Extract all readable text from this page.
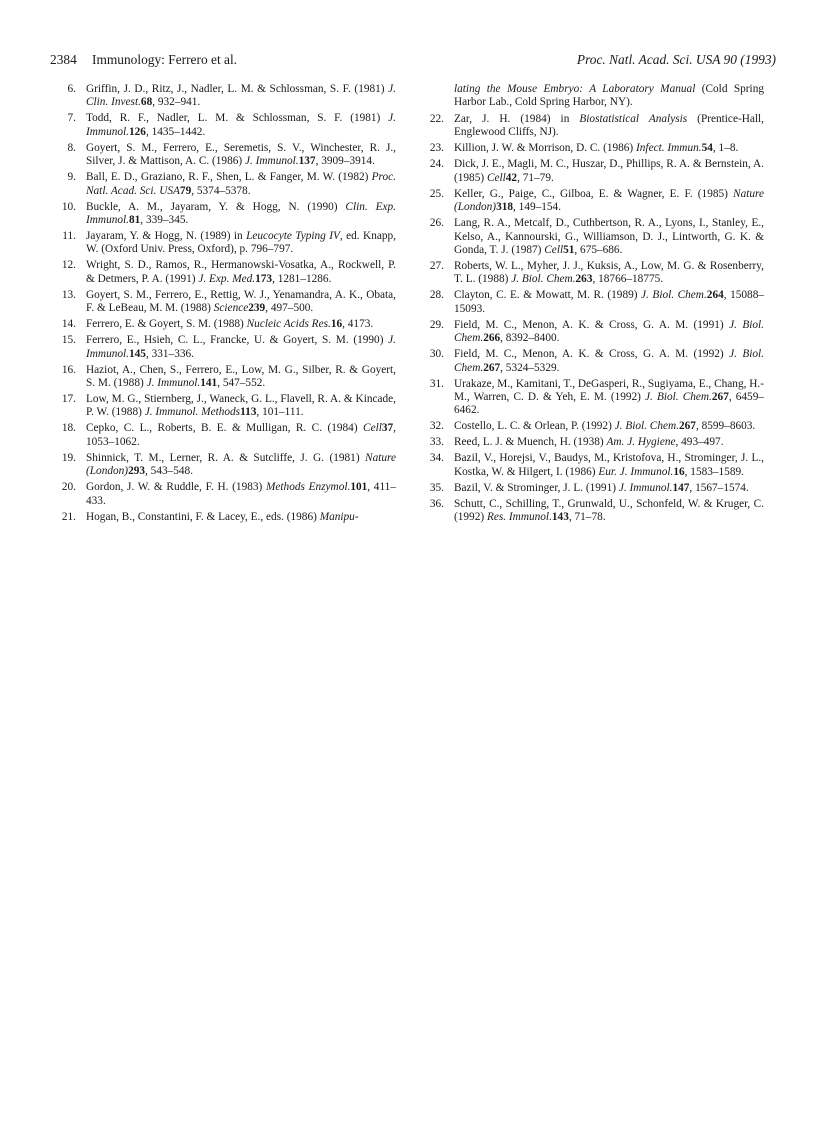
2384 Immunology: Ferrero et al.	Proc. Natl. Acad. Sci. USA 90 (1993)

6. Griffin, J. D., Ritz, J., Nadler, L. M. & Schlossman, S. F. (1981) J. Clin. Invest.68, 932–941.

7. Todd, R. F., Nadler, L. M. & Schlossman, S. F. (1981) J. Immunol.126, 1435–1442.

8. Goyert, S. M., Ferrero, E., Seremetis, S. V., Winchester, R. J., Silver, J. & Mattison, A. C. (1986) J. Immunol.137, 3909–3914.

9. Ball, E. D., Graziano, R. F., Shen, L. & Fanger, M. W. (1982) Proc. Natl. Acad. Sci. USA79, 5374–5378.

10. Buckle, A. M., Jayaram, Y. & Hogg, N. (1990) Clin. Exp. Immunol.81, 339–345.

11. Jayaram, Y. & Hogg, N. (1989) in Leucocyte Typing IV, ed. Knapp, W. (Oxford Univ. Press, Oxford), p. 796–797.

12. Wright, S. D., Ramos, R., Hermanowski-Vosatka, A., Rockwell, P. & Detmers, P. A. (1991) J. Exp. Med.173, 1281–1286.

13. Goyert, S. M., Ferrero, E., Rettig, W. J., Yenamandra, A. K., Obata, F. & LeBeau, M. M. (1988) Science239, 497–500.

14. Ferrero, E. & Goyert, S. M. (1988) Nucleic Acids Res.16, 4173.

15. Ferrero, E., Hsieh, C. L., Francke, U. & Goyert, S. M. (1990) J. Immunol.145, 331–336.

16. Haziot, A., Chen, S., Ferrero, E., Low, M. G., Silber, R. & Goyert, S. M. (1988) J. Immunol.141, 547–552.

17. Low, M. G., Stiernberg, J., Waneck, G. L., Flavell, R. A. & Kincade, P. W. (1988) J. Immunol. Methods113, 101–111.

18. Cepko, C. L., Roberts, B. E. & Mulligan, R. C. (1984) Cell37, 1053–1062.

19. Shinnick, T. M., Lerner, R. A. & Sutcliffe, J. G. (1981) Nature (London)293, 543–548.

20. Gordon, J. W. & Ruddle, F. H. (1983) Methods Enzymol.101, 411–433.

21. Hogan, B., Constantini, F. & Lacey, E., eds. (1986) Manipu-

lating the Mouse Embryo: A Laboratory Manual (Cold Spring Harbor Lab., Cold Spring Harbor, NY).

22. Zar, J. H. (1984) in Biostatistical Analysis (Prentice-Hall, Englewood Cliffs, NJ).

23. Killion, J. W. & Morrison, D. C. (1986) Infect. Immun.54, 1–8.

24. Dick, J. E., Magli, M. C., Huszar, D., Phillips, R. A. & Bernstein, A. (1985) Cell42, 71–79.

25. Keller, G., Paige, C., Gilboa, E. & Wagner, E. F. (1985) Nature (London)318, 149–154.

26. Lang, R. A., Metcalf, D., Cuthbertson, R. A., Lyons, I., Stanley, E., Kelso, A., Kannourski, G., Williamson, D. J., Lintworth, G. K. & Gonda, T. J. (1987) Cell51, 675–686.

27. Roberts, W. L., Myher, J. J., Kuksis, A., Low, M. G. & Rosenberry, T. L. (1988) J. Biol. Chem.263, 18766–18775.

28. Clayton, C. E. & Mowatt, M. R. (1989) J. Biol. Chem.264, 15088–15093.

29. Field, M. C., Menon, A. K. & Cross, G. A. M. (1991) J. Biol. Chem.266, 8392–8400.

30. Field, M. C., Menon, A. K. & Cross, G. A. M. (1992) J. Biol. Chem.267, 5324–5329.

31. Urakaze, M., Kamitani, T., DeGasperi, R., Sugiyama, E., Chang, H.-M., Warren, C. D. & Yeh, E. M. (1992) J. Biol. Chem.267, 6459–6462.

32. Costello, L. C. & Orlean, P. (1992) J. Biol. Chem.267, 8599–8603.

33. Reed, L. J. & Muench, H. (1938) Am. J. Hygiene, 493–497.

34. Bazil, V., Horejsi, V., Baudys, M., Kristofova, H., Strominger, J. L., Kostka, W. & Hilgert, I. (1986) Eur. J. Immunol.16, 1583–1589.

35. Bazil, V. & Strominger, J. L. (1991) J. Immunol.147, 1567–1574.

36. Schutt, C., Schilling, T., Grunwald, U., Schonfeld, W. & Kruger, C. (1992) Res. Immunol.143, 71–78.
